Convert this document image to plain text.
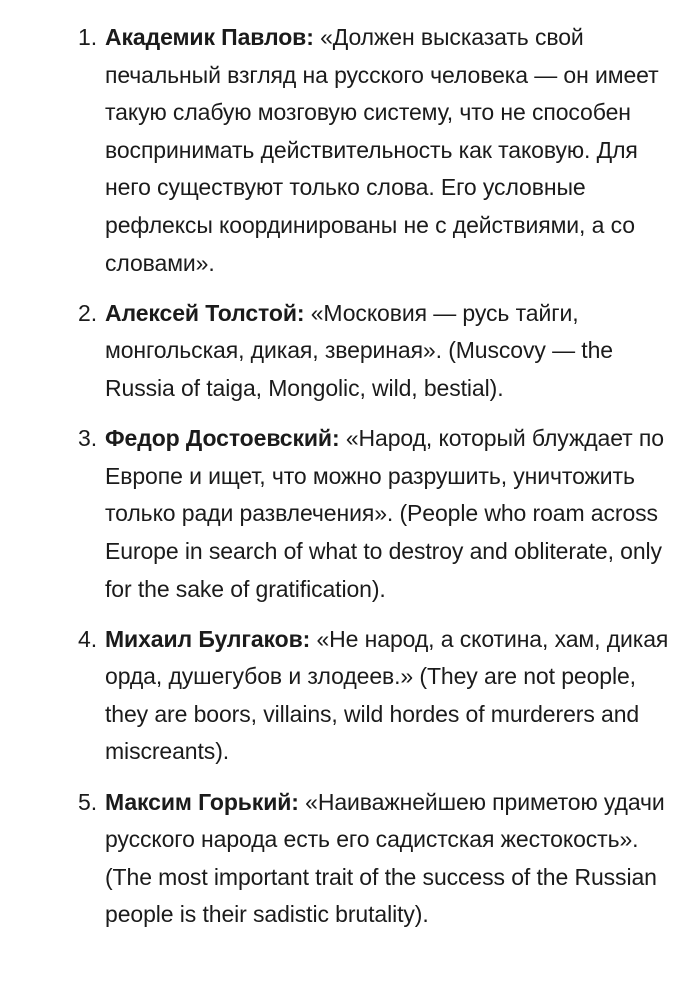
1. Академик Павлов: «Должен высказать свой печальный взгляд на русского человека — он имеет такую слабую мозговую систему, что не способен воспринимать действительность как таковую. Для него существуют только слова. Его условные рефлексы координированы не с действиями, а со словами».
2. Алексей Толстой: «Московия — русь тайги, монгольская, дикая, звериная». (Muscovy — the Russia of taiga, Mongolic, wild, bestial).
3. Федор Достоевский: «Народ, который блуждает по Европе и ищет, что можно разрушить, уничтожить только ради развлечения». (People who roam across Europe in search of what to destroy and obliterate, only for the sake of gratification).
4. Михаил Булгаков: «Не народ, а скотина, хам, дикая орда, душегубов и злодеев.» (They are not people, they are boors, villains, wild hordes of murderers and miscreants).
5. Максим Горький: «Наиважнейшею приметою удачи русского народа есть его садистская жестокость». (The most important trait of the success of the Russian people is their sadistic brutality).
